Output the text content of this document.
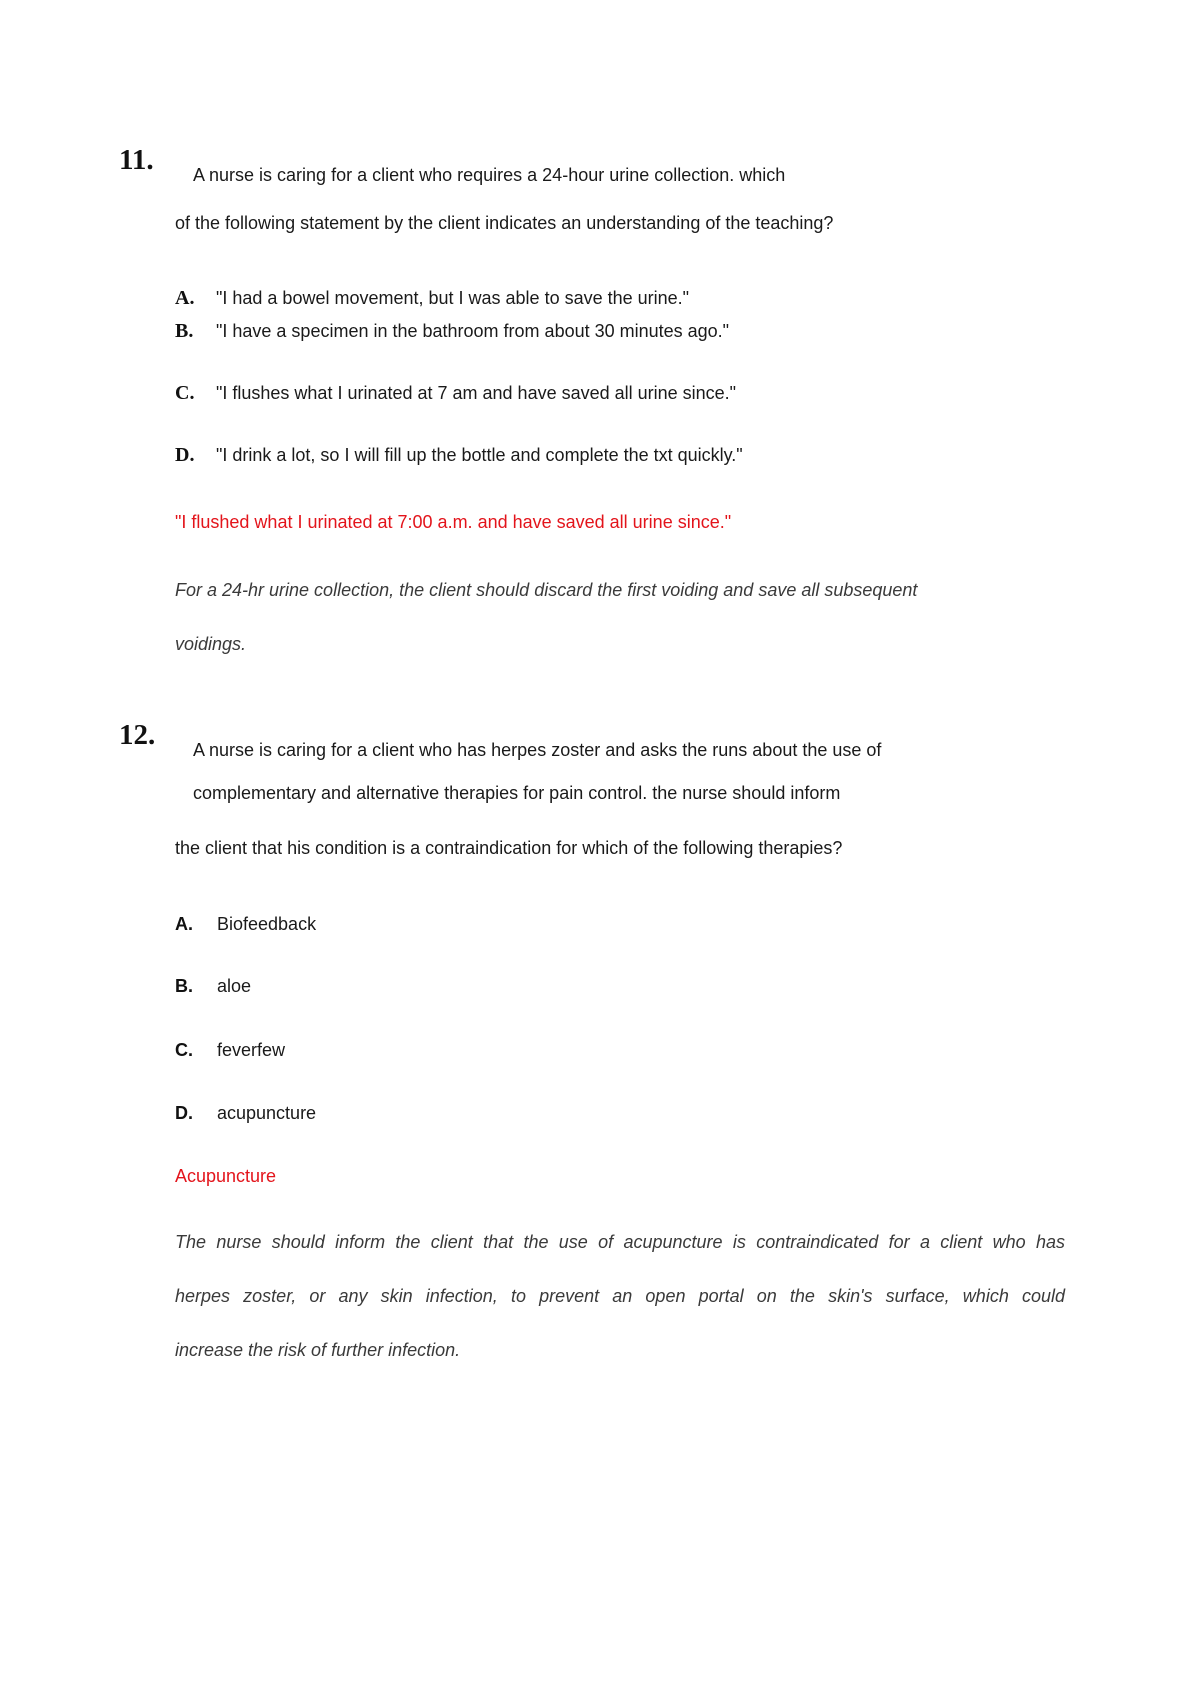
11. A nurse is caring for a client who requires a 24-hour urine collection. which
of the following statement by the client indicates an understanding of the teaching?
A. "I had a bowel movement, but I was able to save the urine."
B. "I have a specimen in the bathroom from about 30 minutes ago."
C. "I flushes what I urinated at 7 am and have saved all urine since."
D. "I drink a lot, so I will fill up the bottle and complete the txt quickly."
"I flushed what I urinated at 7:00 a.m. and have saved all urine since."
For a 24-hr urine collection, the client should discard the first voiding and save all subsequent
voidings.
12. A nurse is caring for a client who has herpes zoster and asks the runs about the use of
complementary and alternative therapies for pain control. the nurse should inform
the client that his condition is a contraindication for which of the following therapies?
A. Biofeedback
B. aloe
C. feverfew
D. acupuncture
Acupuncture
The nurse should inform the client that the use of acupuncture is contraindicated for a client who has
herpes zoster, or any skin infection, to prevent an open portal on the skin's surface, which could
increase the risk of further infection.
